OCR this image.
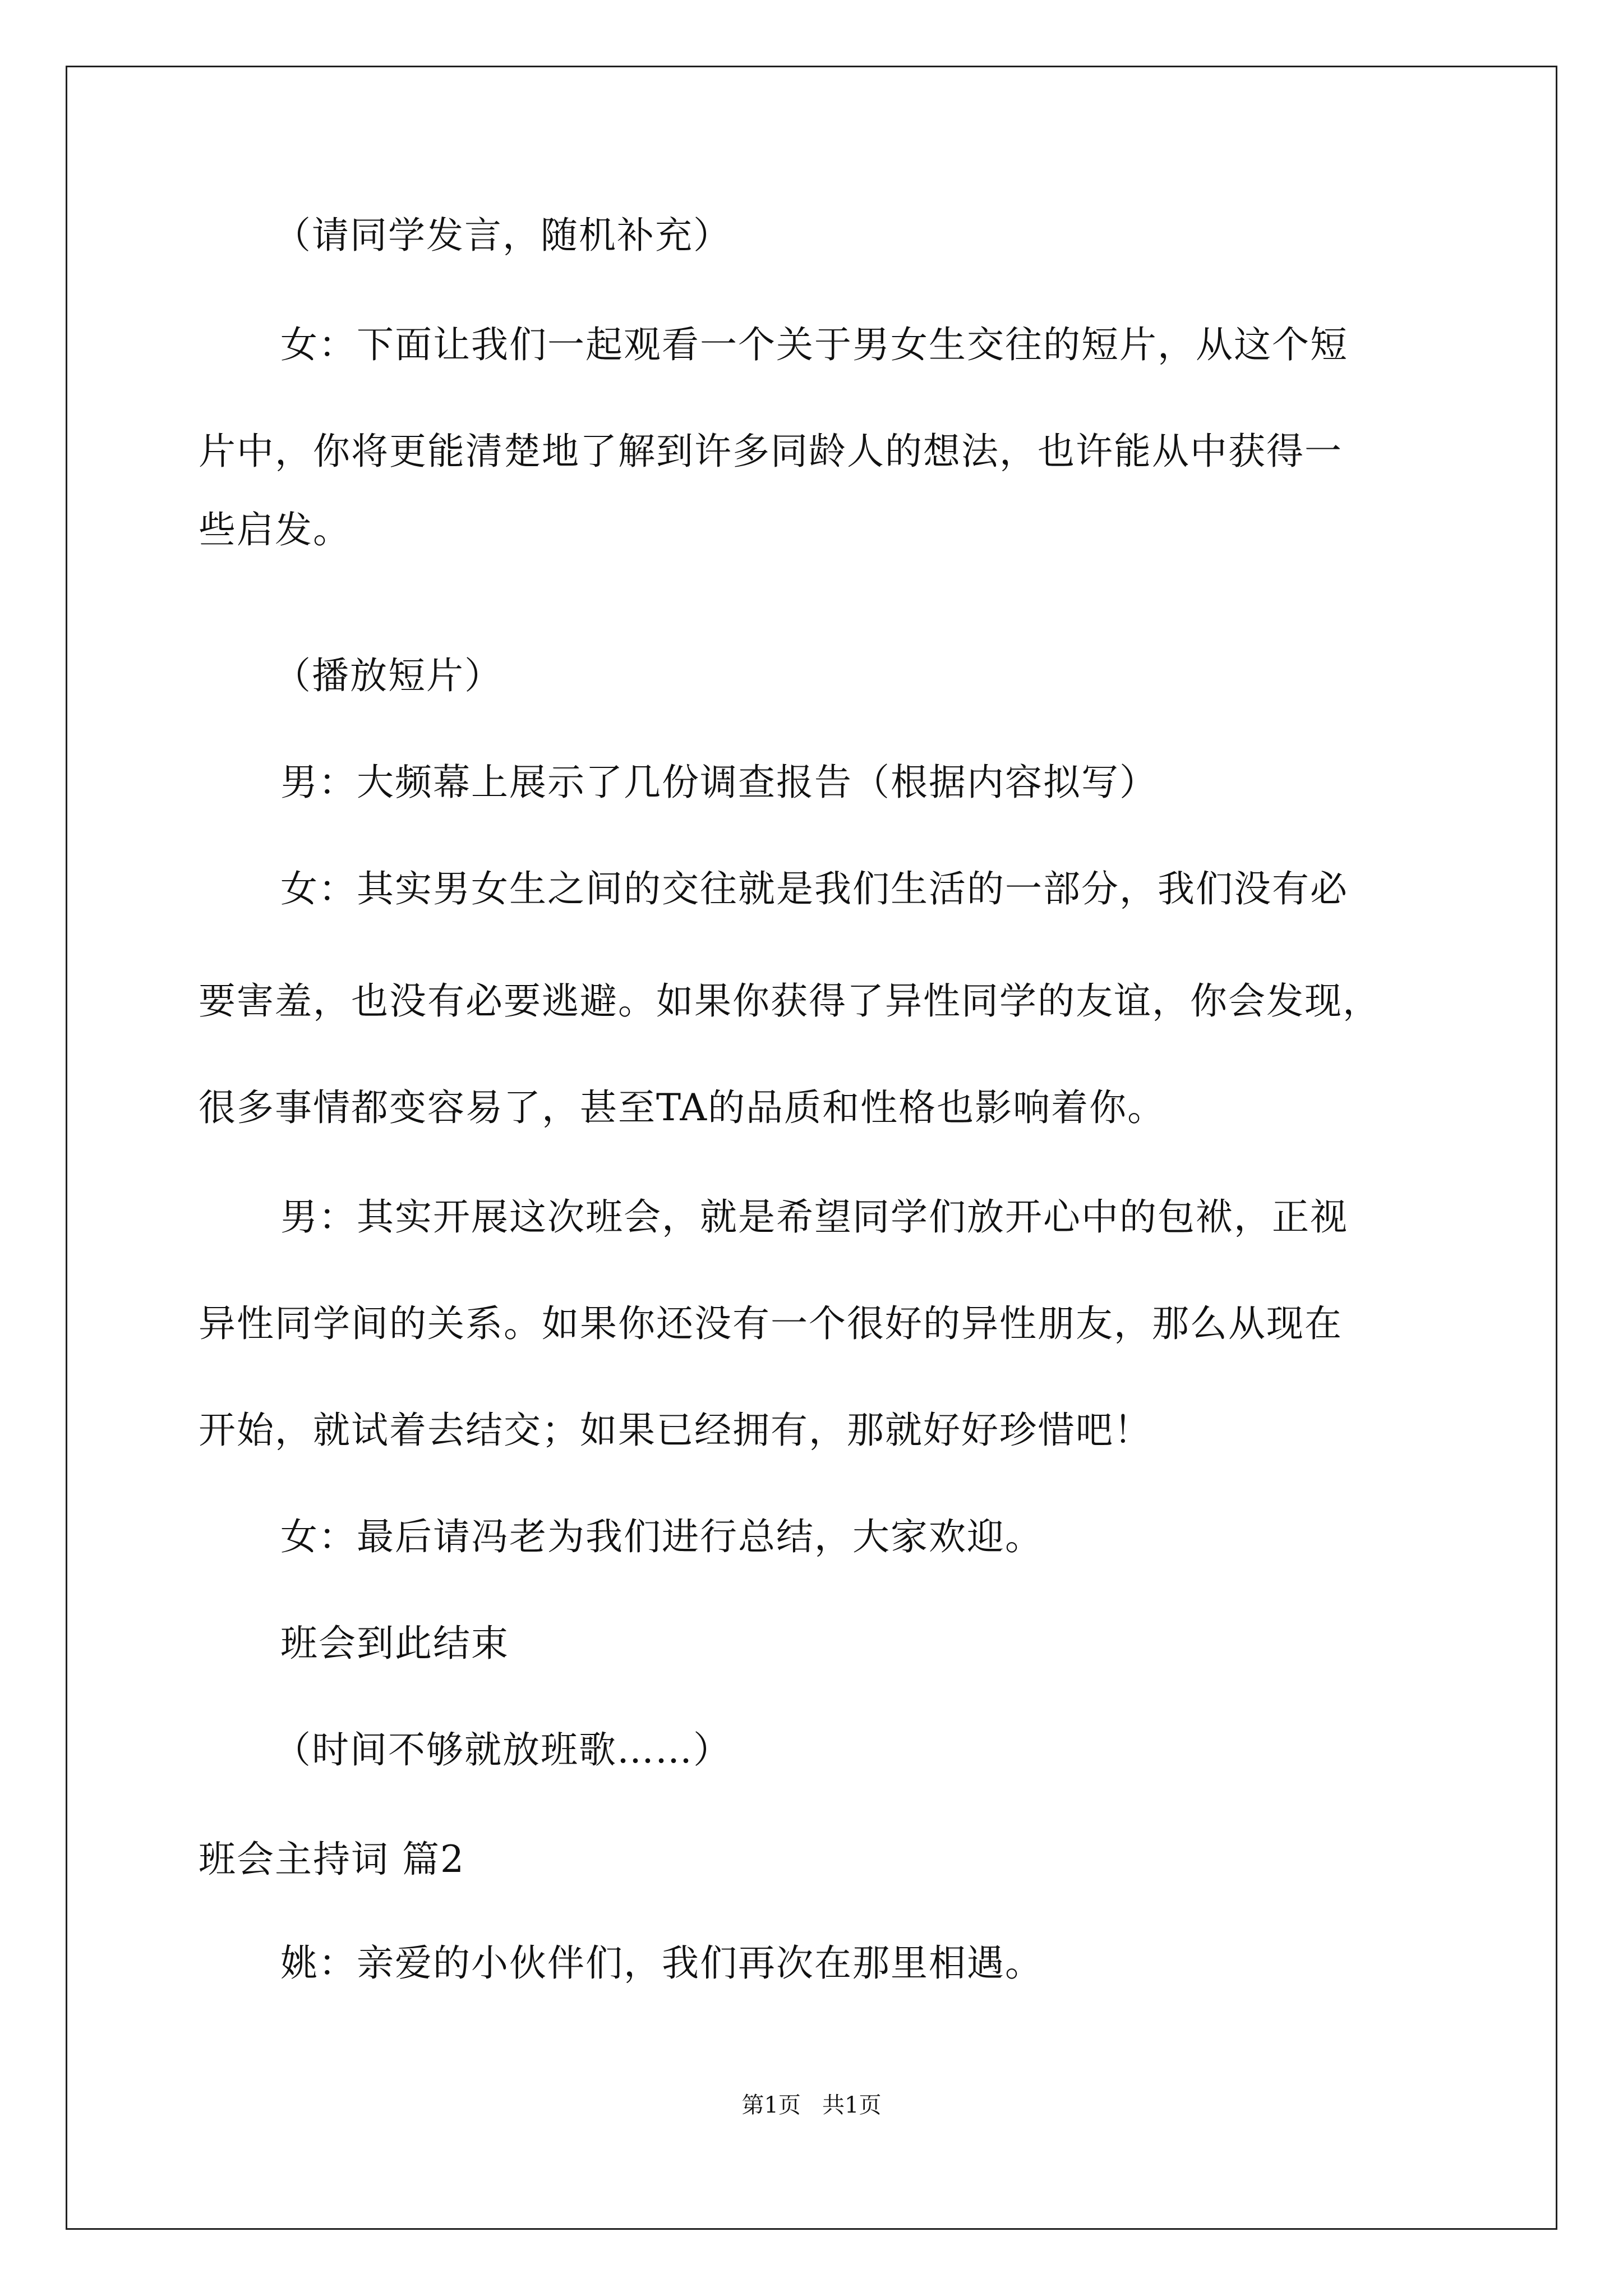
（请同学发言，随机补充）
女：下面让我们一起观看一个关于男女生交往的短片，从这个短
片中，你将更能清楚地了解到许多同龄人的想法，也许能从中获得一
些启发。
（播放短片）
男：大频幕上展示了几份调查报告（根据内容拟写）
女：其实男女生之间的交往就是我们生活的一部分，我们没有必
要害羞，也没有必要逃避。如果你获得了异性同学的友谊，你会发现，
很多事情都变容易了，甚至TA的品质和性格也影响着你。
男：其实开展这次班会，就是希望同学们放开心中的包袱，正视
异性同学间的关系。如果你还没有一个很好的异性朋友，那么从现在
开始，就试着去结交；如果已经拥有，那就好好珍惜吧！
女：最后请冯老为我们进行总结，大家欢迎。
班会到此结束
（时间不够就放班歌……）
班会主持词 篇2
姚：亲爱的小伙伴们，我们再次在那里相遇。
第1页   共1页
